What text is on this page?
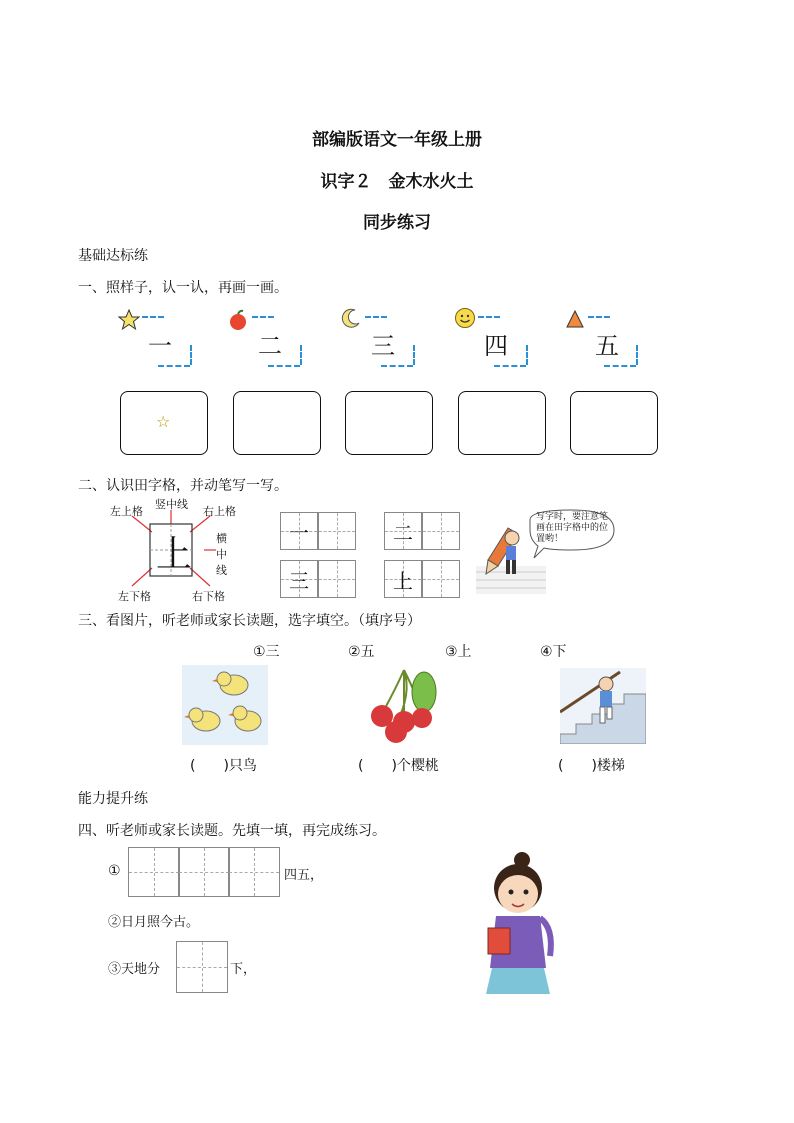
部编版语文一年级上册
识字２　金木水火土
同步练习
基础达标练
一、照样子，认一认，再画一画。
一	二	三	四	五
☆
二、认识田字格，并动笔写一写。
左上格
竖中线
右上格
横
中
线
左下格	右下格
上
一	二
三	上
写字时，要注意笔画在田字格中的位置哟！
三、看图片，听老师或家长读题，选字填空。（填序号）
①三	②五	③上	④下
(　　)只鸟	(　　)个樱桃	(　　)楼梯
能力提升练
四、听老师或家长读题。先填一填，再完成练习。
①	四五，
②日月照今古。
③天地分	下，
